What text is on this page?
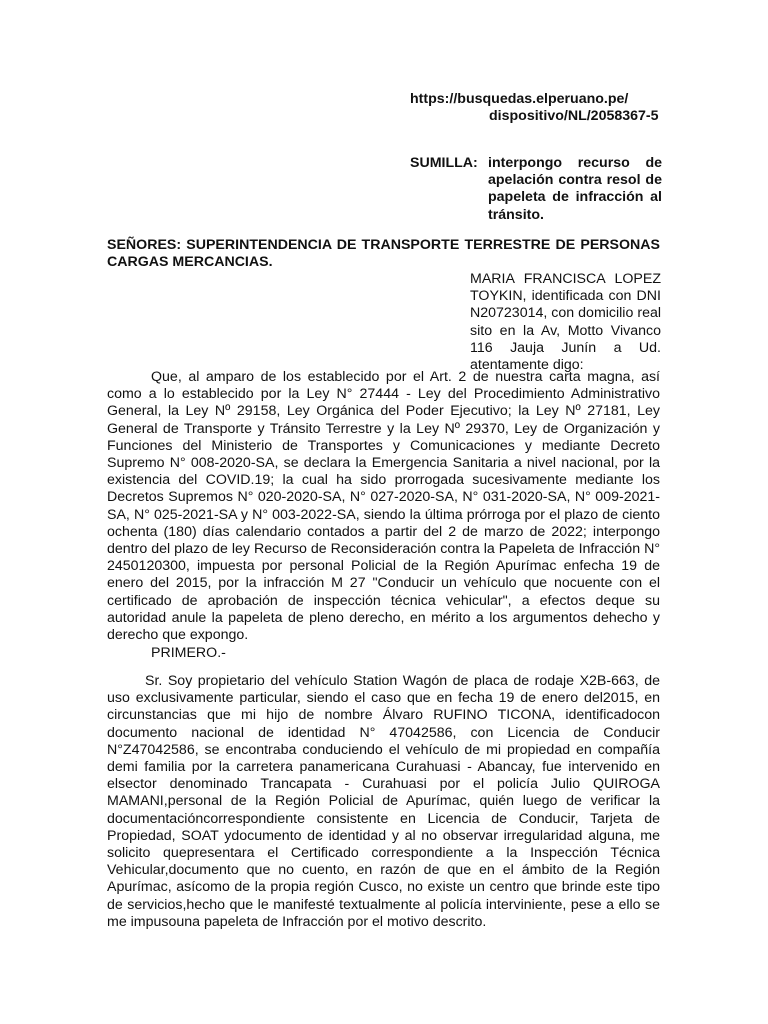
https://busquedas.elperuano.pe/

dispositivo/NL/2058367-5
SUMILLA: interpongo recurso de apelación contra resol de papeleta de infracción al tránsito.
SEÑORES: SUPERINTENDENCIA DE TRANSPORTE TERRESTRE DE PERSONAS CARGAS MERCANCIAS.
MARIA FRANCISCA LOPEZ TOYKIN, identificada con DNI N20723014, con domicilio real sito en la Av, Motto Vivanco 116 Jauja Junín a Ud. atentamente digo:
Que, al amparo de los establecido por el Art. 2 de nuestra carta magna, así como a lo establecido por la Ley N° 27444 - Ley del Procedimiento Administrativo General, la Ley Nº 29158, Ley Orgánica del Poder Ejecutivo; la Ley Nº 27181, Ley General de Transporte y Tránsito Terrestre y la Ley Nº 29370, Ley de Organización y Funciones del Ministerio de Transportes y Comunicaciones y mediante Decreto Supremo N° 008-2020-SA, se declara la Emergencia Sanitaria a nivel nacional, por la existencia del COVID.19; la cual ha sido prorrogada sucesivamente mediante los Decretos Supremos N° 020-2020-SA, N° 027-2020-SA, N° 031-2020-SA, N° 009-2021-SA, N° 025-2021-SA y N° 003-2022-SA, siendo la última prórroga por el plazo de ciento ochenta (180) días calendario contados a partir del 2 de marzo de 2022; interpongo dentro del plazo de ley Recurso de Reconsideración contra la Papeleta de Infracción N° 2450120300, impuesta por personal Policial de la Región Apurímac enfecha 19 de enero del 2015, por la infracción M 27 "Conducir un vehículo que nocuente con el certificado de aprobación de inspección técnica vehicular", a efectos deque su autoridad anule la papeleta de pleno derecho, en mérito a los argumentos dehecho y derecho que expongo.
PRIMERO.-
Sr. Soy propietario del vehículo Station Wagón de placa de rodaje X2B-663, de uso exclusivamente particular, siendo el caso que en fecha 19 de enero del2015, en circunstancias que mi hijo de nombre Álvaro RUFINO TICONA, identificadocon documento nacional de identidad N° 47042586, con Licencia de Conducir N°Z47042586, se encontraba conduciendo el vehículo de mi propiedad en compañía demi familia por la carretera panamericana Curahuasi - Abancay, fue intervenido en elsector denominado Trancapata - Curahuasi por el policía Julio QUIROGA MAMANI,personal de la Región Policial de Apurímac, quién luego de verificar la documentacióncorrespondiente consistente en Licencia de Conducir, Tarjeta de Propiedad, SOAT ydocumento de identidad y al no observar irregularidad alguna, me solicito quepresentara el Certificado correspondiente a la Inspección Técnica Vehicular,documento que no cuento, en razón de que en el ámbito de la Región Apurímac, asícomo de la propia región Cusco, no existe un centro que brinde este tipo de servicios,hecho que le manifesté textualmente al policía interviniente, pese a ello se me impusouna papeleta de Infracción por el motivo descrito.
